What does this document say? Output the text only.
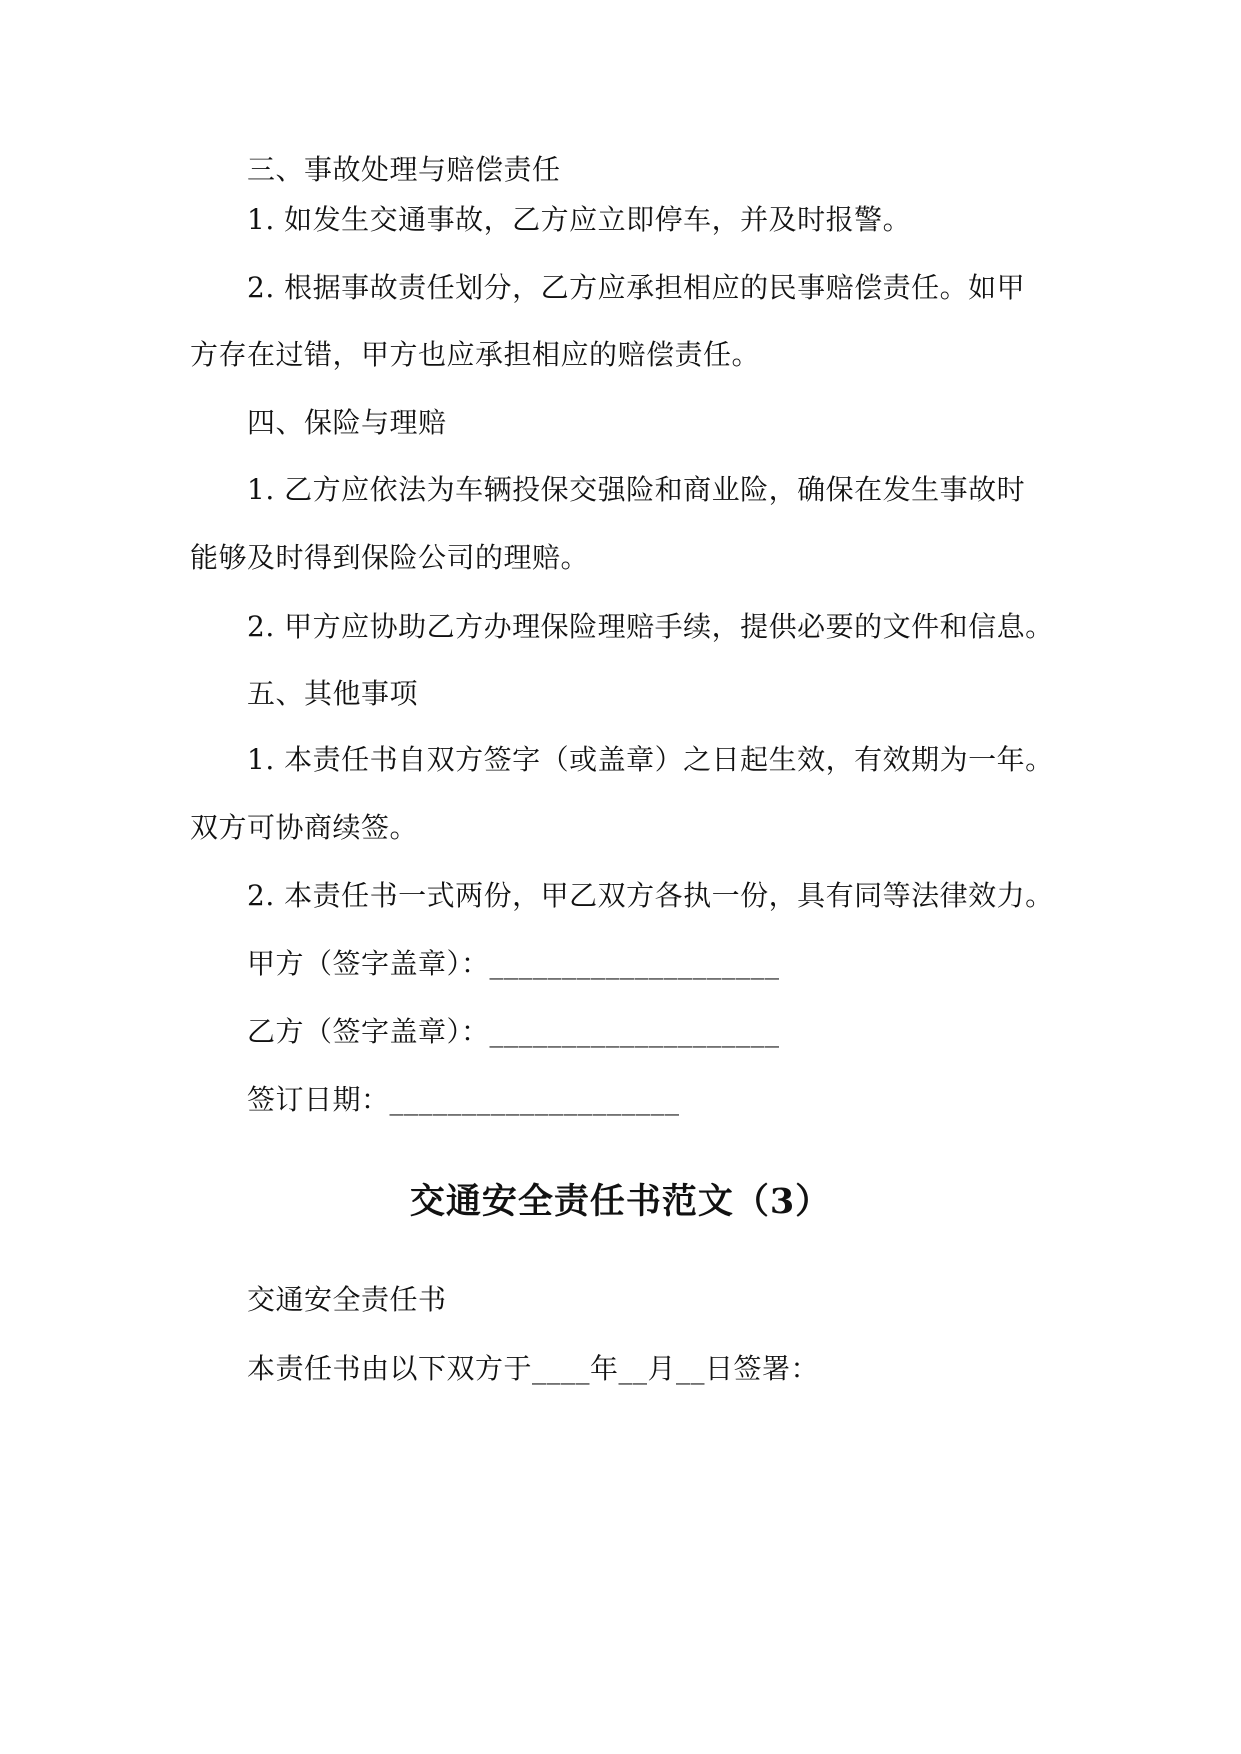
三、事故处理与赔偿责任
1. 如发生交通事故，乙方应立即停车，并及时报警。
2. 根据事故责任划分，乙方应承担相应的民事赔偿责任。如甲
方存在过错，甲方也应承担相应的赔偿责任。
四、保险与理赔
1. 乙方应依法为车辆投保交强险和商业险，确保在发生事故时
能够及时得到保险公司的理赔。
2. 甲方应协助乙方办理保险理赔手续，提供必要的文件和信息。
五、其他事项
1. 本责任书自双方签字（或盖章）之日起生效，有效期为一年。
双方可协商续签。
2. 本责任书一式两份，甲乙双方各执一份，具有同等法律效力。
甲方（签字盖章）：____________________
乙方（签字盖章）：____________________
签订日期：____________________
交通安全责任书范文（3）
交通安全责任书
本责任书由以下双方于____年__月__日签署：
